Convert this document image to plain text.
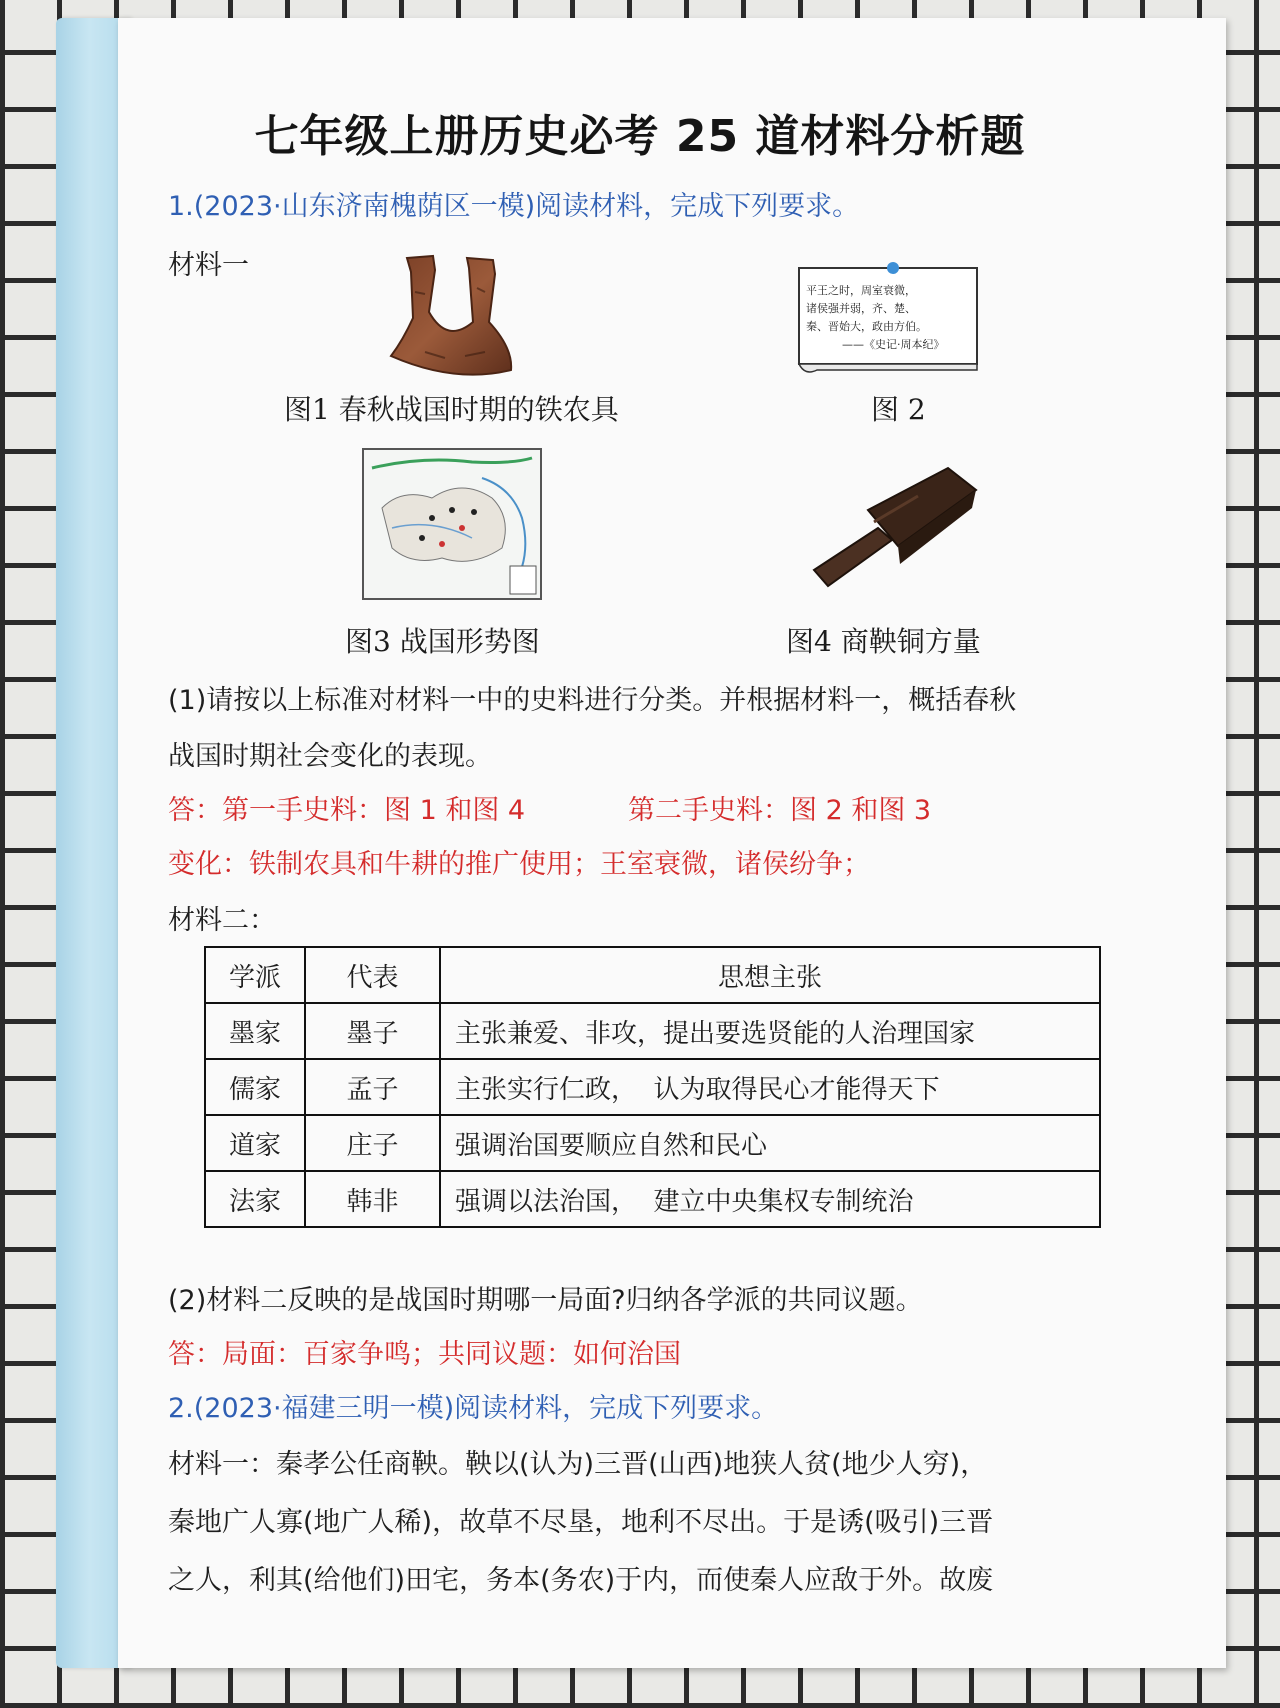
七年级上册历史必考 25 道材料分析题
1.(2023·山东济南槐荫区一模)阅读材料，完成下列要求。
材料一
图1 春秋战国时期的铁农具
平王之时，周室衰微，
诸侯强并弱，齐、楚、
秦、晋始大，政由方伯。
——《史记·周本纪》
图 2
图3 战国形势图	图4 商鞅铜方量
(1)请按以上标准对材料一中的史料进行分类。并根据材料一，概括春秋
战国时期社会变化的表现。
答：第一手史料：图 1 和图 4	第二手史料：图 2 和图 3
变化：铁制农具和牛耕的推广使用；王室衰微，诸侯纷争；
材料二：
学派	代表	思想主张
墨家	墨子	主张兼爱、非攻，提出要选贤能的人治理国家
儒家	孟子	主张实行仁政，  认为取得民心才能得天下
道家	庄子	强调治国要顺应自然和民心
法家	韩非	强调以法治国，  建立中央集权专制统治
(2)材料二反映的是战国时期哪一局面?归纳各学派的共同议题。
答：局面：百家争鸣；共同议题：如何治国
2.(2023·福建三明一模)阅读材料，完成下列要求。
材料一：秦孝公任商鞅。鞅以(认为)三晋(山西)地狭人贫(地少人穷)，
秦地广人寡(地广人稀)，故草不尽垦，地利不尽出。于是诱(吸引)三晋
之人，利其(给他们)田宅，务本(务农)于内，而使秦人应敌于外。故废
